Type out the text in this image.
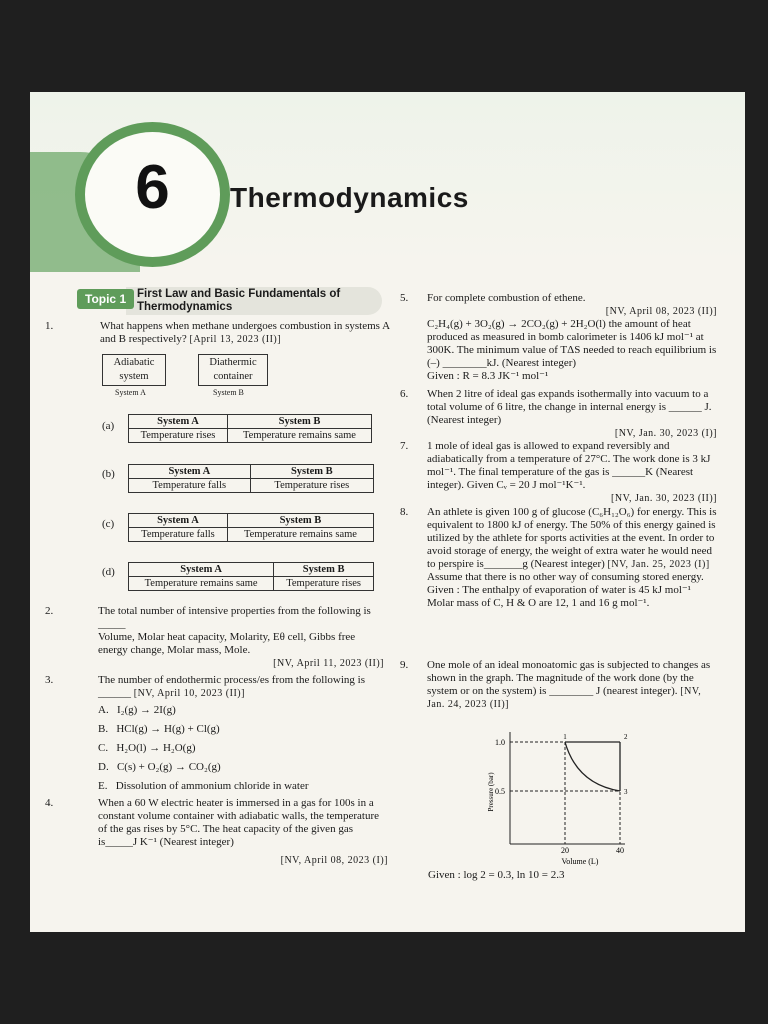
6	Thermodynamics
Topic 1 First Law and Basic Fundamentals of Thermodynamics
1.	What happens when methane undergoes combustion in systems A and B respectively? [April 13, 2023 (II)]
Adiabatic system
System A
Diathermic container
System B
(a)	System A	System B
Temperature rises	Temperature remains same
(b)	System A	System B
Temperature falls	Temperature rises
(c)	System A	System B
Temperature falls	Temperature remains same
(d)	System A	System B
Temperature remains same	Temperature rises
2.	The total number of intensive properties from the following is _____
Volume, Molar heat capacity, Molarity, Eθ cell, Gibbs free energy change, Molar mass, Mole.
[NV, April 11, 2023 (II)]
3.	The number of endothermic process/es from the following is ______ [NV, April 10, 2023 (II)]
A. I₂(g) → 2I(g)
B. HCl(g) → H(g) + Cl(g)
C. H₂O(l) → H₂O(g)
D. C(s) + O₂(g) → CO₂(g)
E. Dissolution of ammonium chloride in water
4.	When a 60 W electric heater is immersed in a gas for 100s in a constant volume container with adiabatic walls, the temperature of the gas rises by 5°C. The heat capacity of the given gas is_____J K⁻¹ (Nearest integer)
[NV, April 08, 2023 (I)]
5. For complete combustion of ethene.
[NV, April 08, 2023 (II)]
C₂H₄(g) + 3O₂(g) → 2CO₂(g) + 2H₂O(l) the amount of heat produced as measured in bomb calorimeter is 1406 kJ mol⁻¹ at 300K. The minimum value of TΔS needed to reach equilibrium is (–) ________kJ. (Nearest integer)
Given : R = 8.3 JK⁻¹ mol⁻¹
6. When 2 litre of ideal gas expands isothermally into vacuum to a total volume of 6 litre, the change in internal energy is ______ J. (Nearest integer)
[NV, Jan. 30, 2023 (I)]
7. 1 mole of ideal gas is allowed to expand reversibly and adiabatically from a temperature of 27°C. The work done is 3 kJ mol⁻¹. The final temperature of the gas is ______K (Nearest integer). Given Cᵥ = 20 J mol⁻¹K⁻¹.
[NV, Jan. 30, 2023 (II)]
8. An athlete is given 100 g of glucose (C₆H₁₂O₆) for energy. This is equivalent to 1800 kJ of energy. The 50% of this energy gained is utilized by the athlete for sports activities at the event. In order to avoid storage of energy, the weight of extra water he would need to perspire is_______g (Nearest integer) [NV, Jan. 25, 2023 (I)]
Assume that there is no other way of consuming stored energy.
Given : The enthalpy of evaporation of water is 45 kJ mol⁻¹
Molar mass of C, H & O are 12, 1 and 16 g mol⁻¹.
9. One mole of an ideal monoatomic gas is subjected to changes as shown in the graph. The magnitude of the work done (by the system or on the system) is ________ J (nearest integer). [NV, Jan. 24, 2023 (II)]
1.0
0.5
20	40
1	2
3
Volume (L)
Pressure (bar)
Given : log 2 = 0.3, ln 10 = 2.3
